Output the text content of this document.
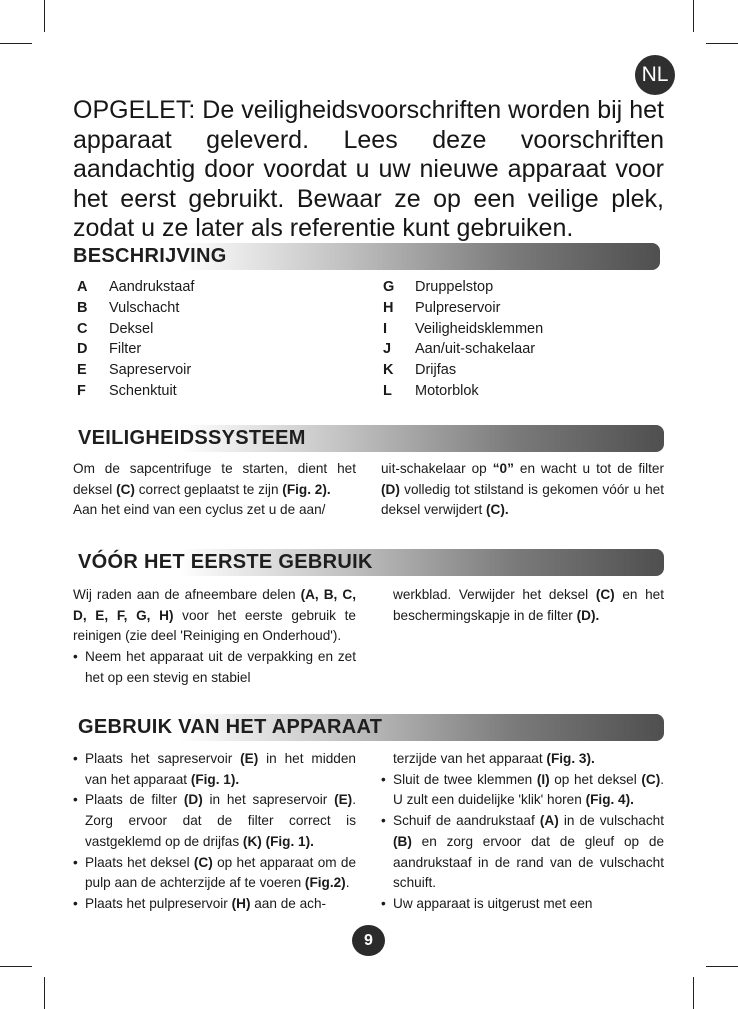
NL

OPGELET: De veiligheidsvoorschriften worden bij het apparaat geleverd. Lees deze voorschriften aandachtig door voordat u uw nieuwe apparaat voor het eerst gebruikt. Bewaar ze op een veilige plek, zodat u ze later als referentie kunt gebruiken.

BESCHRIJVING
A	Aandrukstaaf
B	Vulschacht
C	Deksel
D	Filter
E	Sapreservoir
F	Schenktuit
G	Druppelstop
H	Pulpreservoir
I	Veiligheidsklemmen
J	Aan/uit-schakelaar
K	Drijfas
L	Motorblok
VEILIGHEIDSSYSTEEM

Om de sapcentrifuge te starten, dient het deksel (C) correct geplaatst te zijn (Fig. 2).

Aan het eind van een cyclus zet u de aan/

uit-schakelaar op “0” en wacht u tot de filter (D) volledig tot stilstand is gekomen vóór u het deksel verwijdert (C).

VÓÓR HET EERSTE GEBRUIK

Wij raden aan de afneembare delen (A, B, C, D, E, F, G, H) voor het eerste gebruik te reinigen (zie deel 'Reiniging en Onderhoud').

• Neem het apparaat uit de verpakking en zet het op een stevig en stabiel

werkblad. Verwijder het deksel (C) en het beschermingskapje in de filter (D).

GEBRUIK VAN HET APPARAAT
• Plaats het sapreservoir (E) in het midden van het apparaat (Fig. 1).
• Plaats de filter (D) in het sapreservoir (E). Zorg ervoor dat de filter correct is vastgeklemd op de drijfas (K) (Fig. 1).
• Plaats het deksel (C) op het apparaat om de pulp aan de achterzijde af te voeren (Fig.2).
• Plaats het pulpreservoir (H) aan de ach-

terzijde van het apparaat (Fig. 3).

• Sluit de twee klemmen (I) op het deksel (C). U zult een duidelijke 'klik' horen (Fig. 4).
• Schuif de aandrukstaaf (A) in de vulschacht (B) en zorg ervoor dat de gleuf op de aandrukstaaf in de rand van de vulschacht schuift.
• Uw apparaat is uitgerust met een
9
